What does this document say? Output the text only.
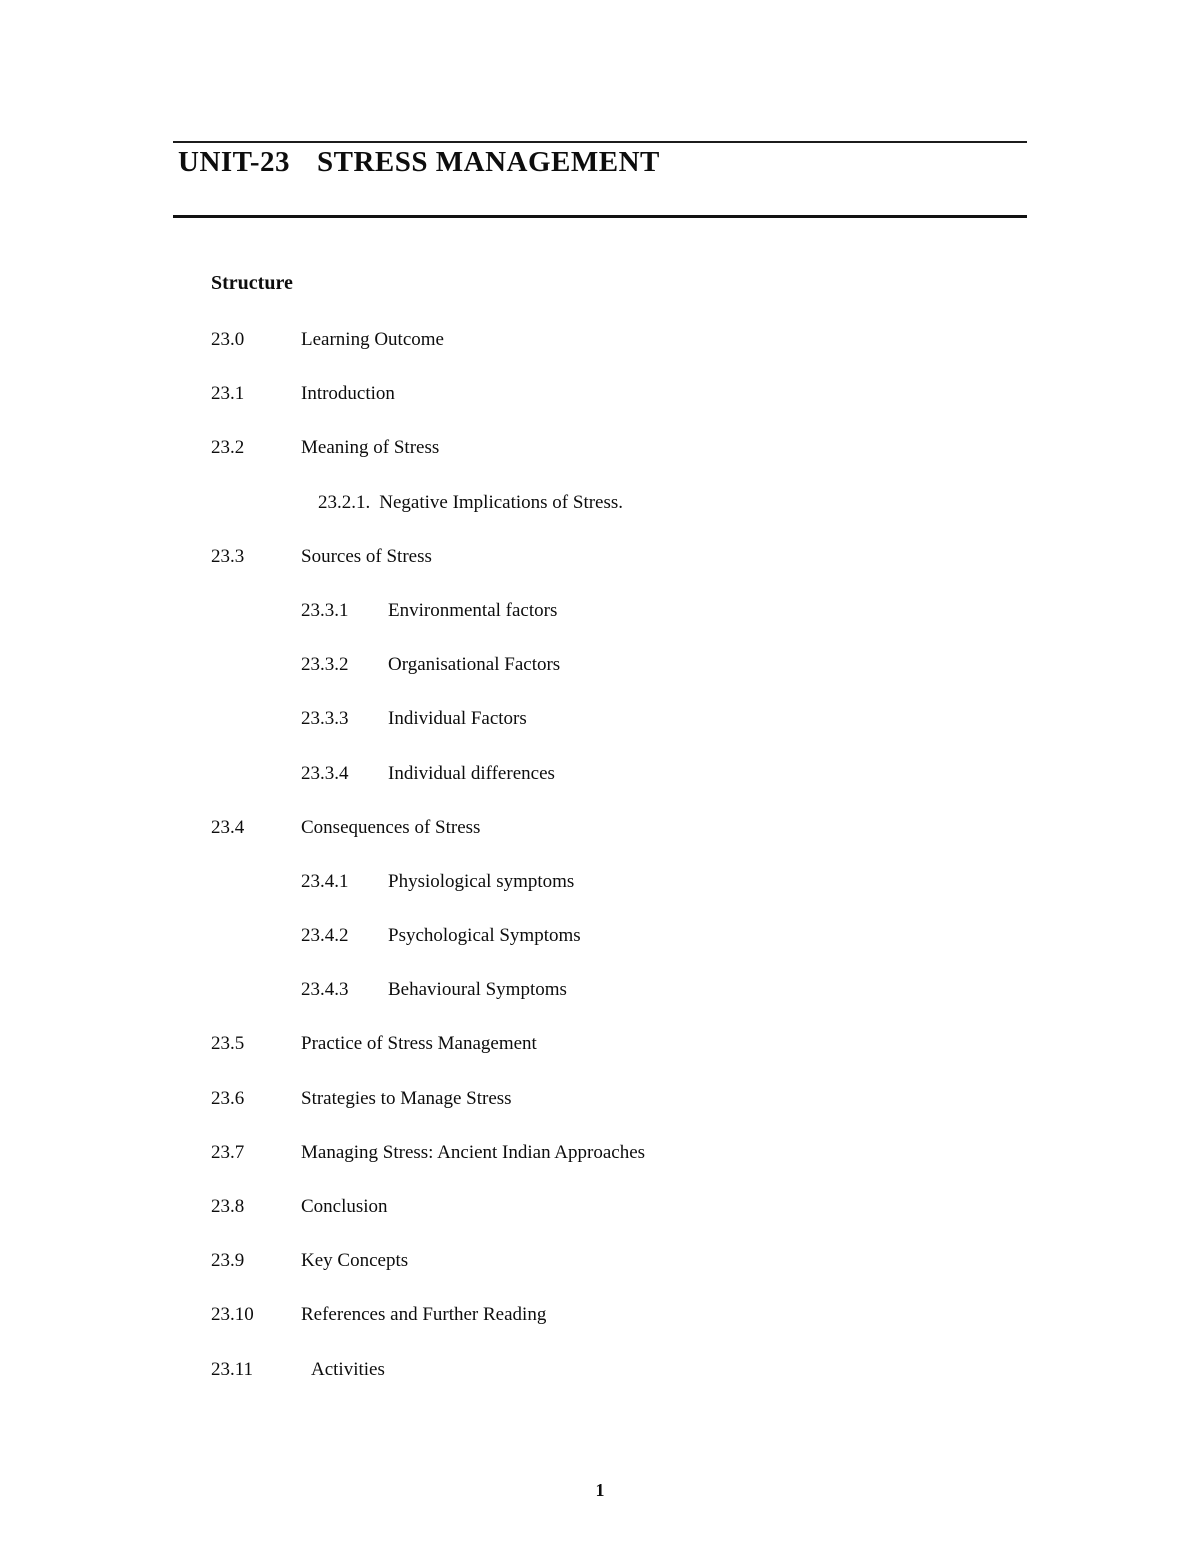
UNIT-23 STRESS MANAGEMENT
Structure
23.0	Learning Outcome
23.1	Introduction
23.2	Meaning of Stress
23.2.1. Negative Implications of Stress.
23.3	Sources of Stress
23.3.1	Environmental factors
23.3.2	Organisational Factors
23.3.3	Individual Factors
23.3.4	Individual differences
23.4	Consequences of Stress
23.4.1	Physiological symptoms
23.4.2	Psychological Symptoms
23.4.3	Behavioural Symptoms
23.5	Practice of Stress Management
23.6	Strategies to Manage Stress
23.7	Managing Stress: Ancient Indian Approaches
23.8	Conclusion
23.9	Key Concepts
23.10	References and Further Reading
23.11	Activities
1
